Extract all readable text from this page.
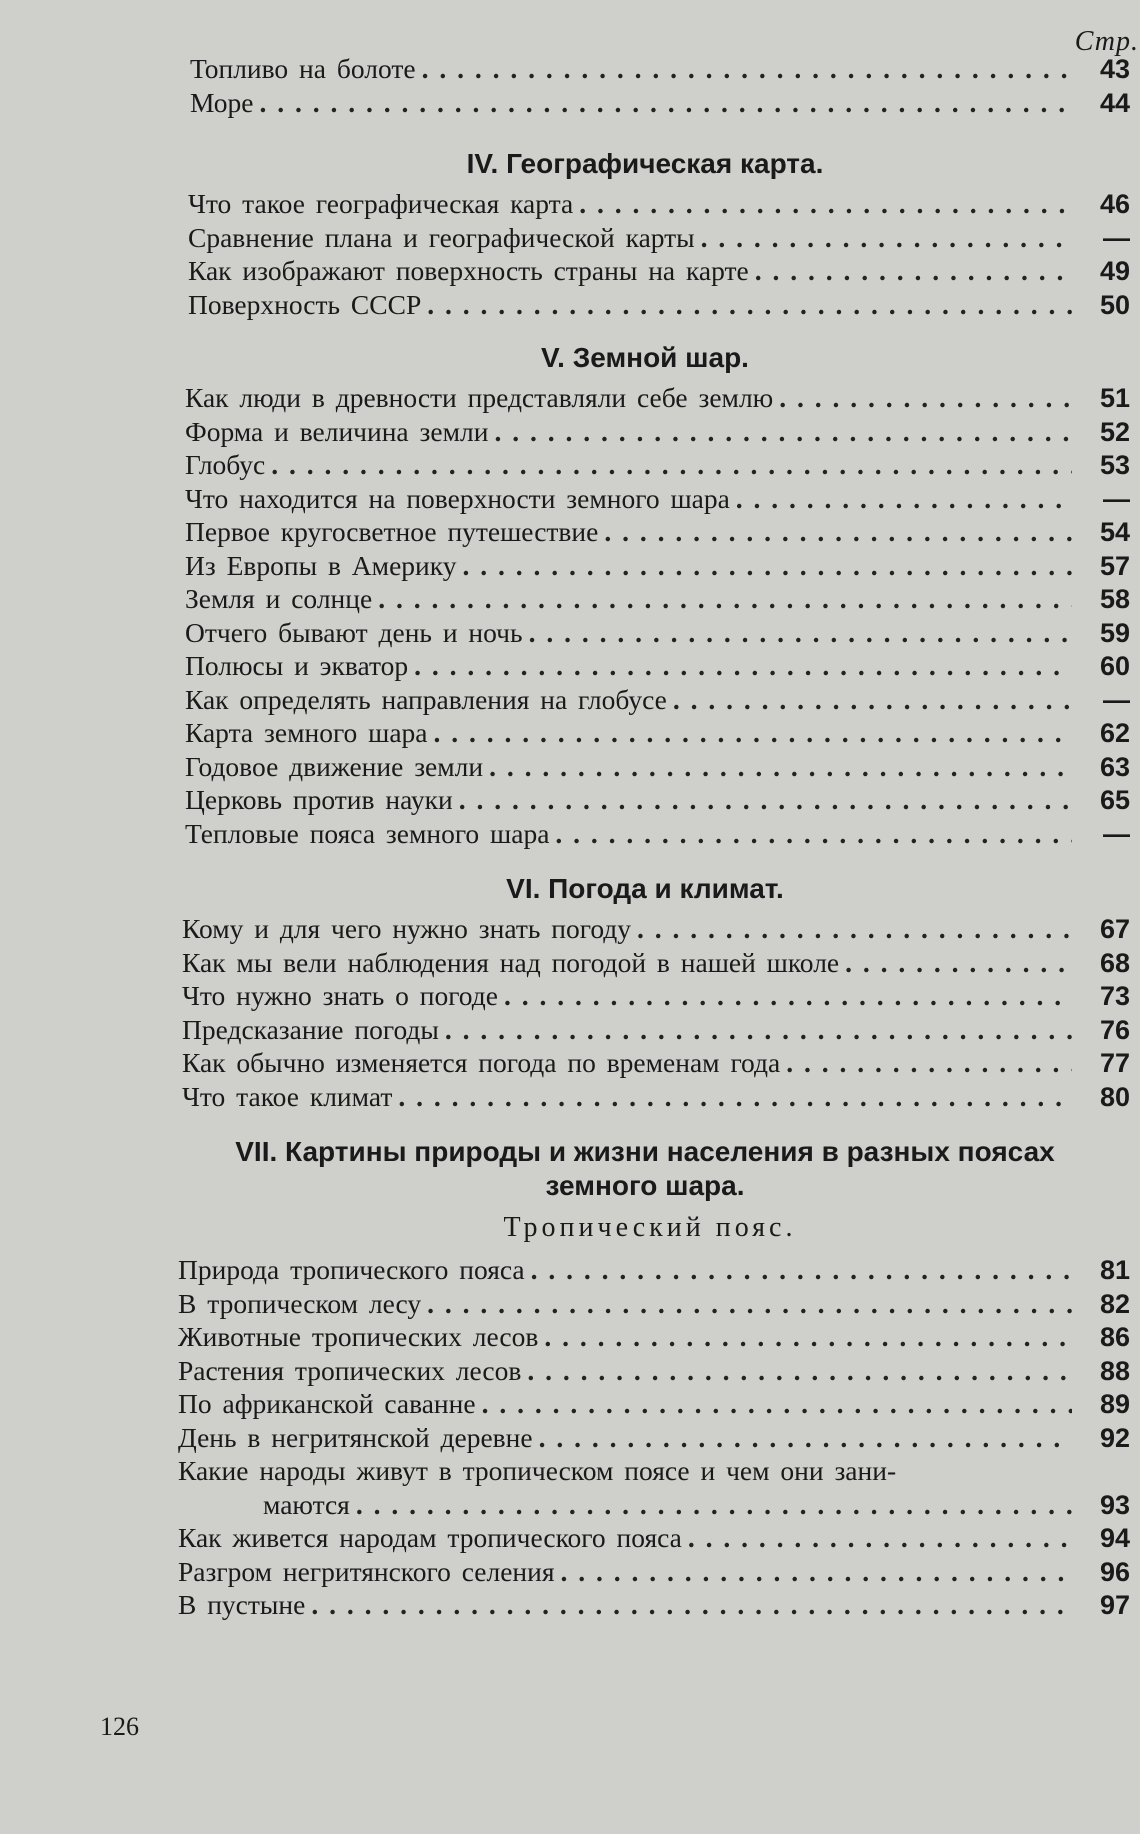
Стр.
Топливо на болоте . . .	43
Море . . .	44
IV. Географическая карта.
Что такое географическая карта . . .	46
Сравнение плана и географической карты . . .	—
Как изображают поверхность страны на карте . . .	49
Поверхность СССР . . .	50
V. Земной шар.
Как люди в древности представляли себе землю . . .	51
Форма и величина земли . . .	52
Глобус . . .	53
Что находится на поверхности земного шара . . .	—
Первое кругосветное путешествие . . .	54
Из Европы в Америку . . .	57
Земля и солнце . . .	58
Отчего бывают день и ночь . . .	59
Полюсы и экватор . . .	60
Как определять направления на глобусе . . .	—
Карта земного шара . . .	62
Годовое движение земли . . .	63
Церковь против науки . . .	65
Тепловые пояса земного шара . . .	—
VI. Погода и климат.
Кому и для чего нужно знать погоду . . .	67
Как мы вели наблюдения над погодой в нашей школе . . .	68
Что нужно знать о погоде . . .	73
Предсказание погоды . . .	76
Как обычно изменяется погода по временам года . . .	77
Что такое климат . . .	80
VII. Картины природы и жизни населения в разных поясах
земного шара.
Тропический пояс.
Природа тропического пояса . . .	81
В тропическом лесу . . .	82
Животные тропических лесов . . .	86
Растения тропических лесов . . .	88
По африканской саванне . . .	89
День в негритянской деревне . . .	92
Какие народы живут в тропическом поясе и чем они зани-
маются . . .	93
Как живется народам тропического пояса . . .	94
Разгром негритянского селения . . .	96
В пустыне . . .	97
126
